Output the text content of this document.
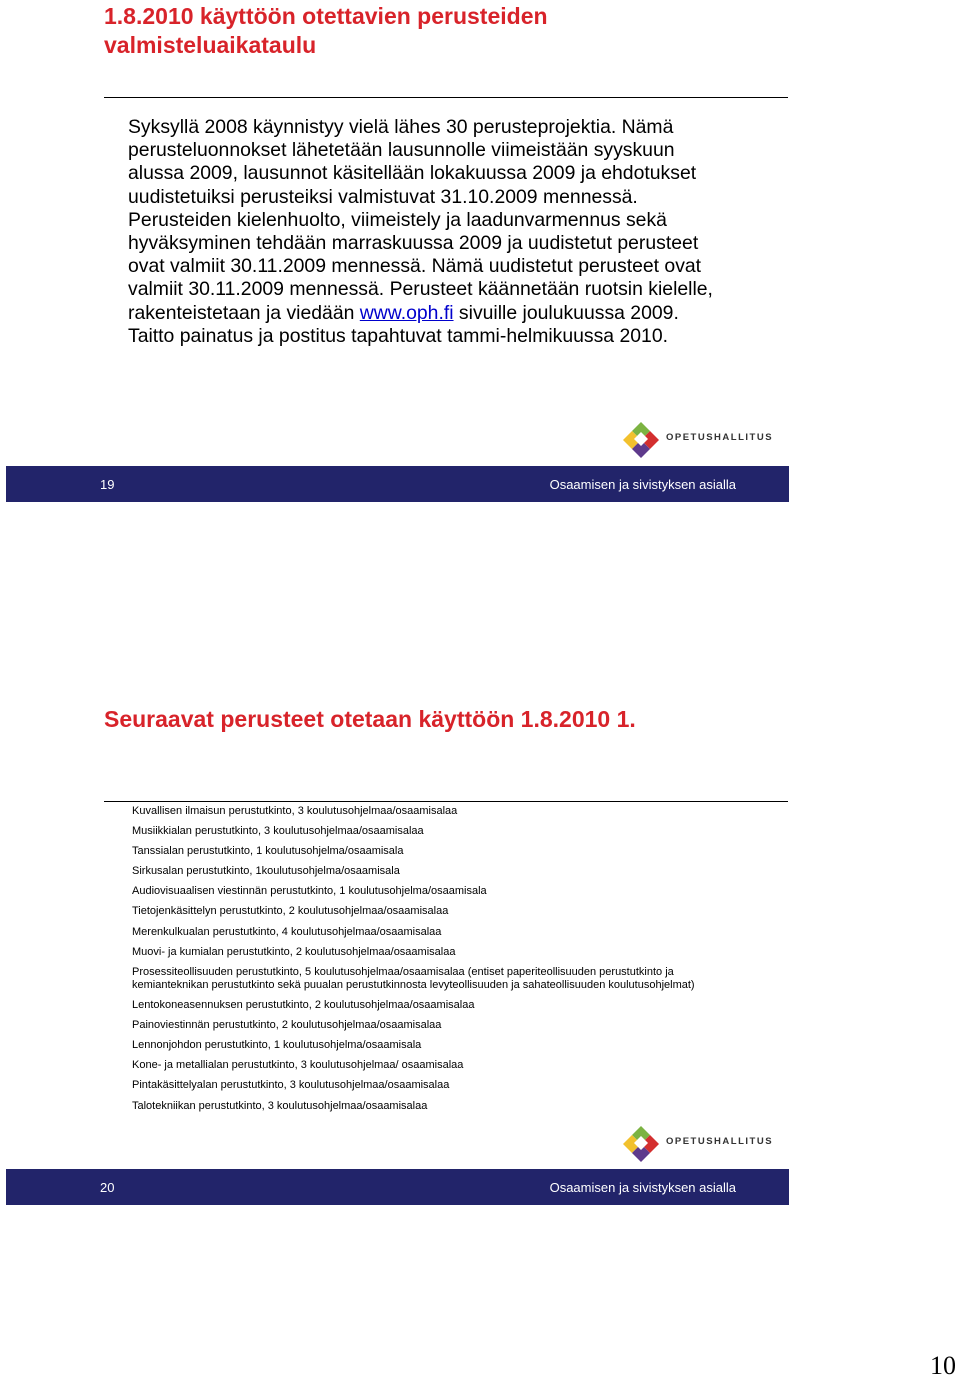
1.8.2010 käyttöön otettavien perusteiden valmisteluaikataulu

Syksyllä 2008 käynnistyy vielä lähes 30 perusteprojektia. Nämä perusteluonnokset lähetetään lausunnolle viimeistään syyskuun alussa 2009, lausunnot käsitellään lokakuussa 2009 ja ehdotukset uudistetuiksi perusteiksi valmistuvat 31.10.2009 mennessä. Perusteiden kielenhuolto, viimeistely ja laadunvarmennus sekä hyväksyminen tehdään marraskuussa 2009 ja uudistetut perusteet ovat valmiit 30.11.2009 mennessä. Nämä uudistetut perusteet ovat valmiit 30.11.2009 mennessä. Perusteet käännetään ruotsin kielelle, rakenteistetaan ja viedään www.oph.fi sivuille joulukuussa 2009. Taitto painatus ja postitus tapahtuvat tammi-helmikuussa 2010.

OPETUSHALLITUS
19	Osaamisen ja sivistyksen asialla
Seuraavat perusteet otetaan käyttöön 1.8.2010 1.
Kuvallisen ilmaisun perustutkinto, 3 koulutusohjelmaa/osaamisalaa
Musiikkialan perustutkinto, 3 koulutusohjelmaa/osaamisalaa
Tanssialan perustutkinto, 1 koulutusohjelma/osaamisala
Sirkusalan perustutkinto, 1koulutusohjelma/osaamisala
Audiovisuaalisen viestinnän perustutkinto, 1 koulutusohjelma/osaamisala
Tietojenkäsittelyn perustutkinto, 2 koulutusohjelmaa/osaamisalaa
Merenkulkualan perustutkinto, 4 koulutusohjelmaa/osaamisalaa
Muovi- ja kumialan perustutkinto, 2 koulutusohjelmaa/osaamisalaa
Prosessiteollisuuden perustutkinto, 5 koulutusohjelmaa/osaamisalaa (entiset paperiteollisuuden perustutkinto ja kemianteknikan perustutkinto sekä puualan perustutkinnosta levyteollisuuden ja sahateollisuuden koulutusohjelmat)
Lentokoneasennuksen perustutkinto, 2 koulutusohjelmaa/osaamisalaa
Painoviestinnän perustutkinto, 2 koulutusohjelmaa/osaamisalaa
Lennonjohdon perustutkinto, 1 koulutusohjelma/osaamisala
Kone- ja metallialan perustutkinto, 3 koulutusohjelmaa/ osaamisalaa
Pintakäsittelyalan perustutkinto, 3 koulutusohjelmaa/osaamisalaa
Talotekniikan perustutkinto, 3 koulutusohjelmaa/osaamisalaa
OPETUSHALLITUS
20	Osaamisen ja sivistyksen asialla

10
